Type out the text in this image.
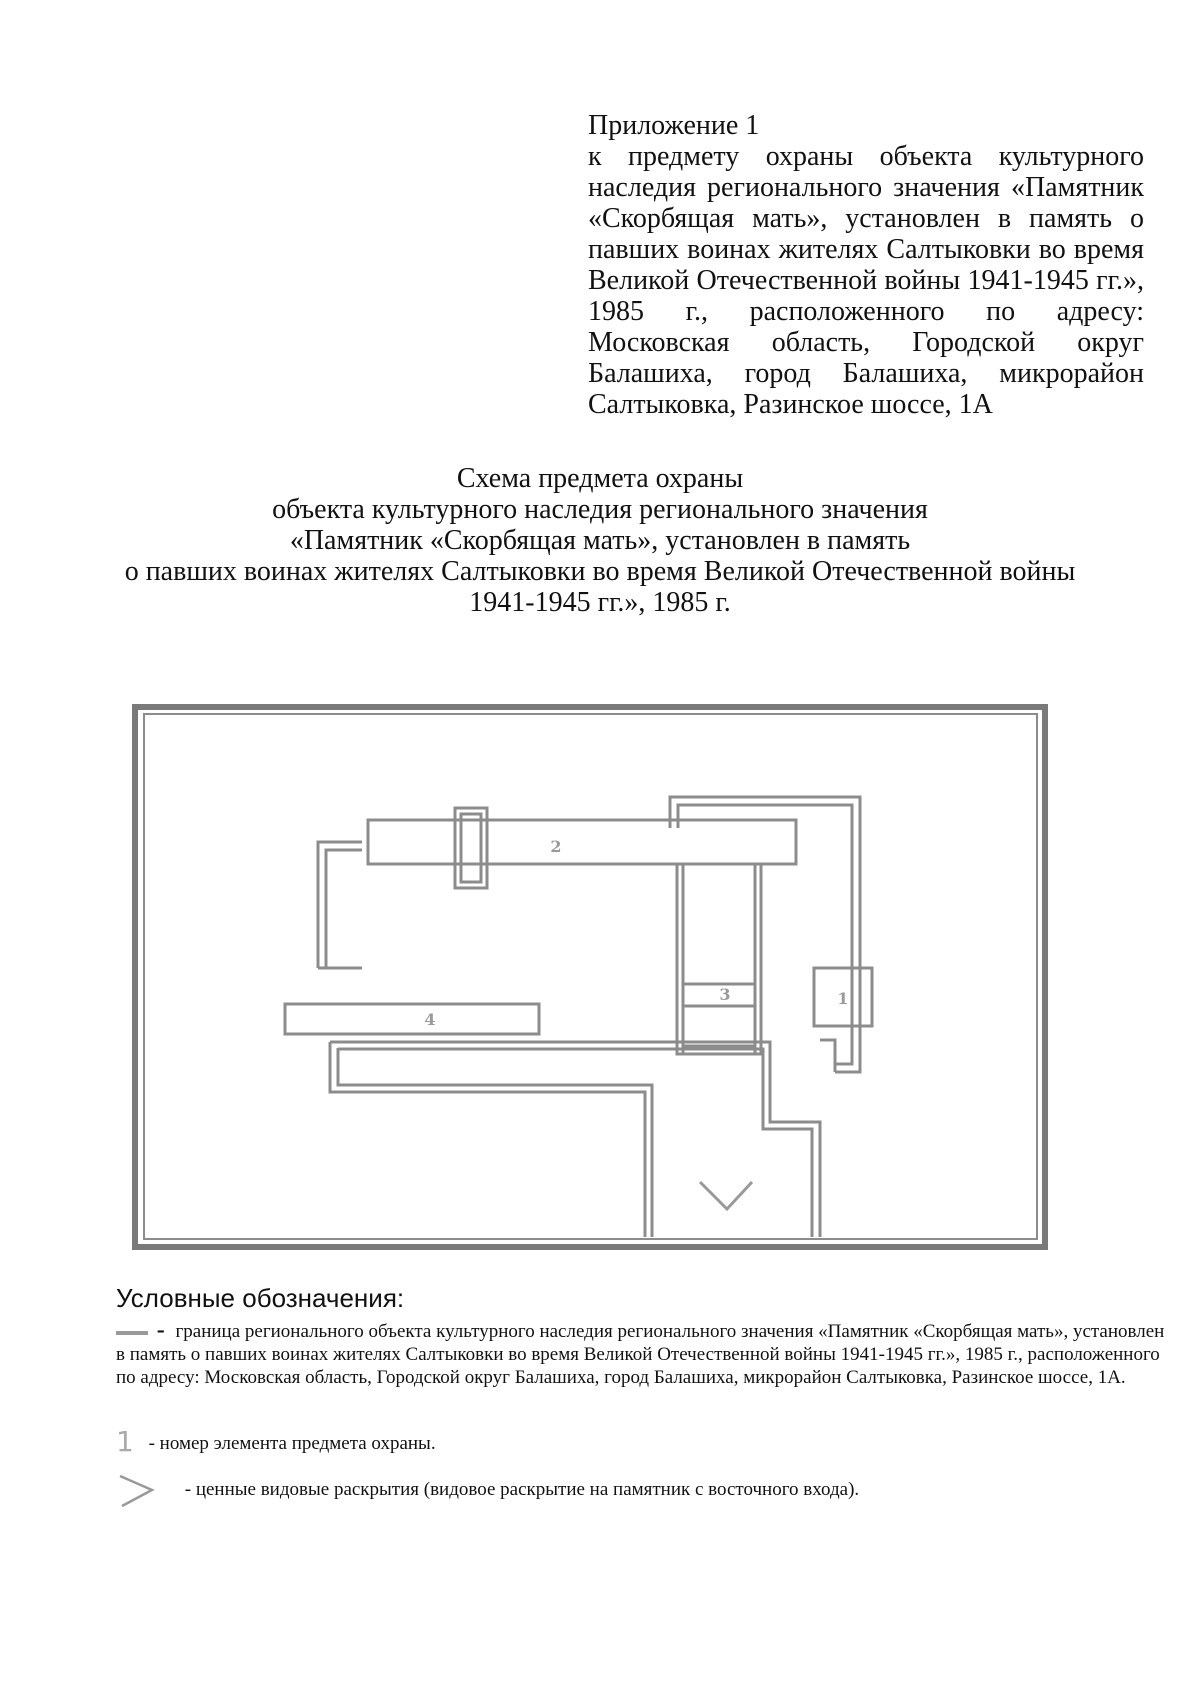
Приложение 1
к предмету охраны объекта культурного наследия регионального значения «Памятник «Скорбящая мать», установлен в память о павших воинах жителях Салтыковки во время Великой Отечественной войны 1941-1945 гг.», 1985 г., расположенного по адресу: Московская область, Городской округ Балашиха, город Балашиха, микрорайон Салтыковка, Разинское шоссе, 1А
Схема предмета охраны
объекта культурного наследия регионального значения
«Памятник «Скорбящая мать», установлен в память
о павших воинах жителях Салтыковки во время Великой Отечественной войны
1941-1945 гг.», 1985 г.
1
2
3
4
Условные обозначения:
- граница регионального объекта культурного наследия регионального значения «Памятник «Скорбящая мать», установлен в память о павших воинах жителях Салтыковки во время Великой Отечественной войны 1941-1945 гг.», 1985 г., расположенного по адресу: Московская область, Городской округ Балашиха, город Балашиха, микрорайон Салтыковка, Разинское шоссе, 1А.
1 - номер элемента предмета охраны.
- ценные видовые раскрытия (видовое раскрытие на памятник с восточного входа).
